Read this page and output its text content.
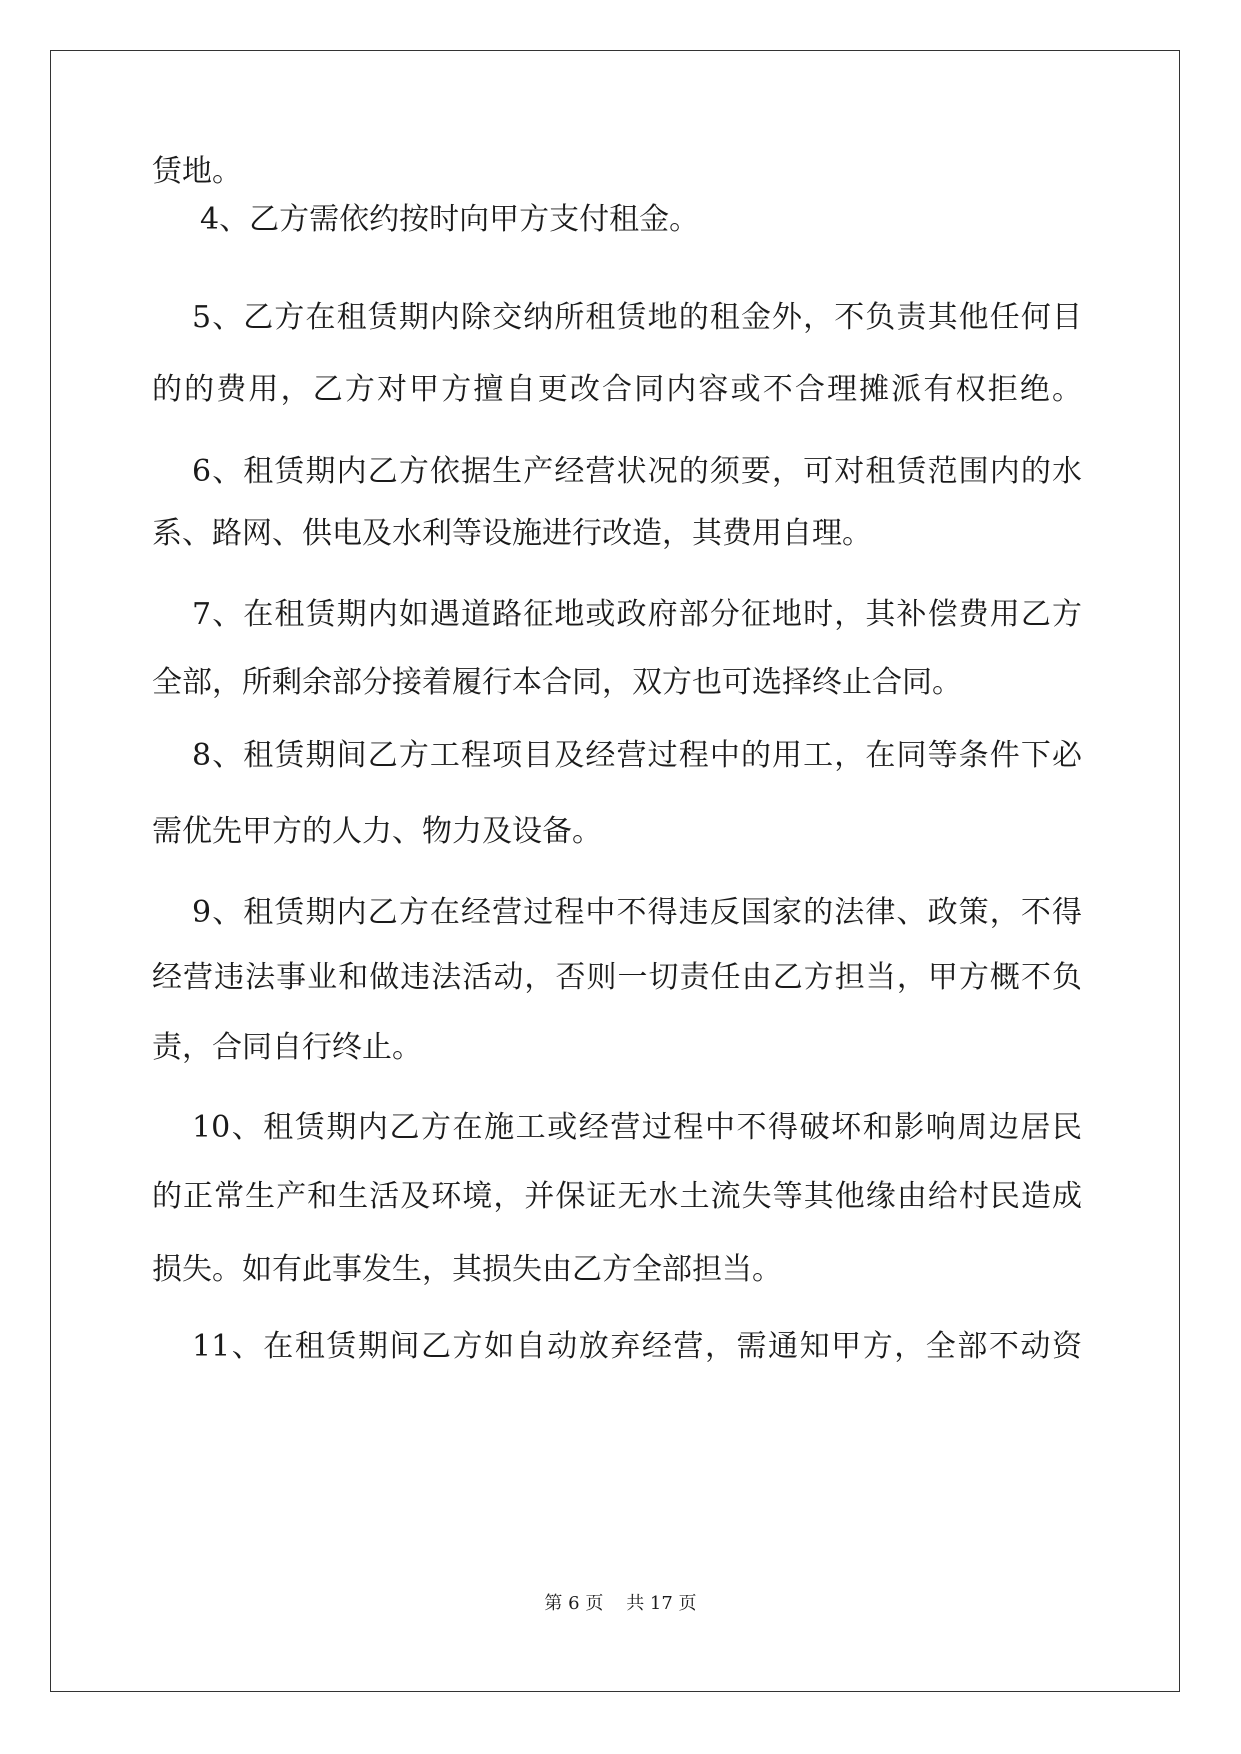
赁地。
4、乙方需依约按时向甲方支付租金。
5、乙方在租赁期内除交纳所租赁地的租金外，不负责其他任何目
的的费用，乙方对甲方擅自更改合同内容或不合理摊派有权拒绝。
6、租赁期内乙方依据生产经营状况的须要，可对租赁范围内的水
系、路网、供电及水利等设施进行改造，其费用自理。
7、在租赁期内如遇道路征地或政府部分征地时，其补偿费用乙方
全部，所剩余部分接着履行本合同，双方也可选择终止合同。
8、租赁期间乙方工程项目及经营过程中的用工，在同等条件下必
需优先甲方的人力、物力及设备。
9、租赁期内乙方在经营过程中不得违反国家的法律、政策，不得
经营违法事业和做违法活动，否则一切责任由乙方担当，甲方概不负
责，合同自行终止。
10、租赁期内乙方在施工或经营过程中不得破坏和影响周边居民
的正常生产和生活及环境，并保证无水土流失等其他缘由给村民造成
损失。如有此事发生，其损失由乙方全部担当。
11、在租赁期间乙方如自动放弃经营，需通知甲方，全部不动资
第 6 页    共 17 页
